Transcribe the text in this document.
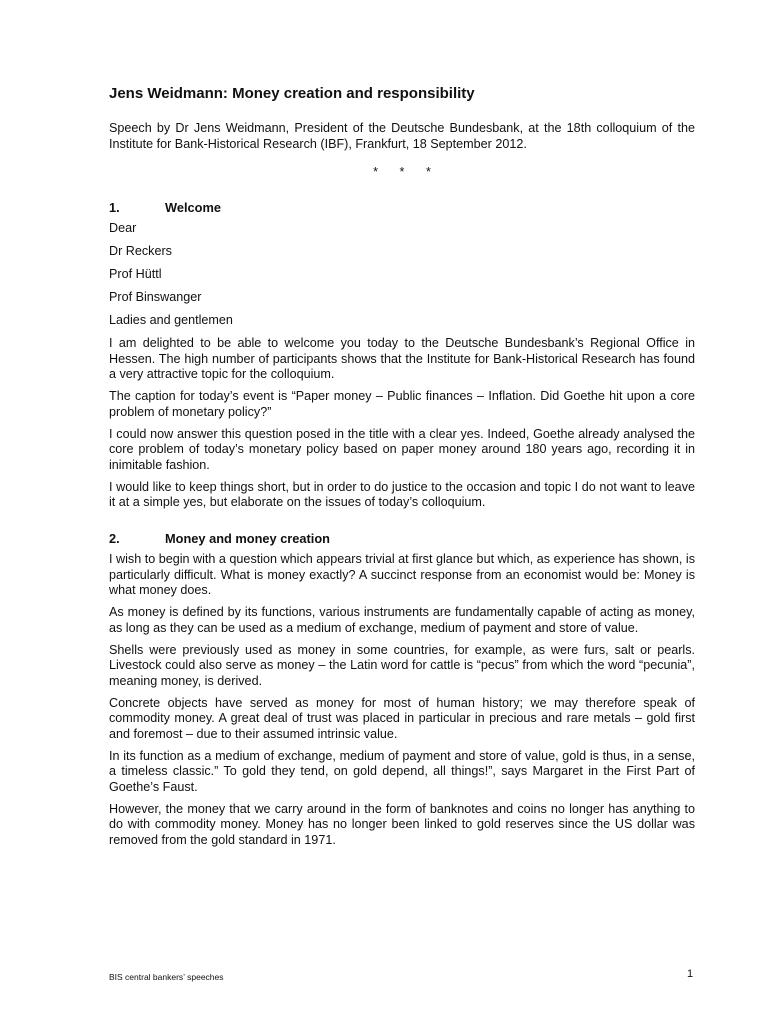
Jens Weidmann: Money creation and responsibility

Speech by Dr Jens Weidmann, President of the Deutsche Bundesbank, at the 18th colloquium of the Institute for Bank-Historical Research (IBF), Frankfurt, 18 September 2012.

* * *
1.	Welcome

Dear

Dr Reckers

Prof Hüttl

Prof Binswanger

Ladies and gentlemen

I am delighted to be able to welcome you today to the Deutsche Bundesbank’s Regional Office in Hessen. The high number of participants shows that the Institute for Bank-Historical Research has found a very attractive topic for the colloquium.

The caption for today’s event is “Paper money – Public finances – Inflation. Did Goethe hit upon a core problem of monetary policy?”

I could now answer this question posed in the title with a clear yes. Indeed, Goethe already analysed the core problem of today’s monetary policy based on paper money around 180 years ago, recording it in inimitable fashion.

I would like to keep things short, but in order to do justice to the occasion and topic I do not want to leave it at a simple yes, but elaborate on the issues of today’s colloquium.

2.	Money and money creation

I wish to begin with a question which appears trivial at first glance but which, as experience has shown, is particularly difficult. What is money exactly? A succinct response from an economist would be: Money is what money does.

As money is defined by its functions, various instruments are fundamentally capable of acting as money, as long as they can be used as a medium of exchange, medium of payment and store of value.

Shells were previously used as money in some countries, for example, as were furs, salt or pearls. Livestock could also serve as money – the Latin word for cattle is “pecus” from which the word “pecunia”, meaning money, is derived.

Concrete objects have served as money for most of human history; we may therefore speak of commodity money. A great deal of trust was placed in particular in precious and rare metals – gold first and foremost – due to their assumed intrinsic value.

In its function as a medium of exchange, medium of payment and store of value, gold is thus, in a sense, a timeless classic.” To gold they tend, on gold depend, all things!”, says Margaret in the First Part of Goethe’s Faust.

However, the money that we carry around in the form of banknotes and coins no longer has anything to do with commodity money. Money has no longer been linked to gold reserves since the US dollar was removed from the gold standard in 1971.

BIS central bankers’ speeches	1
